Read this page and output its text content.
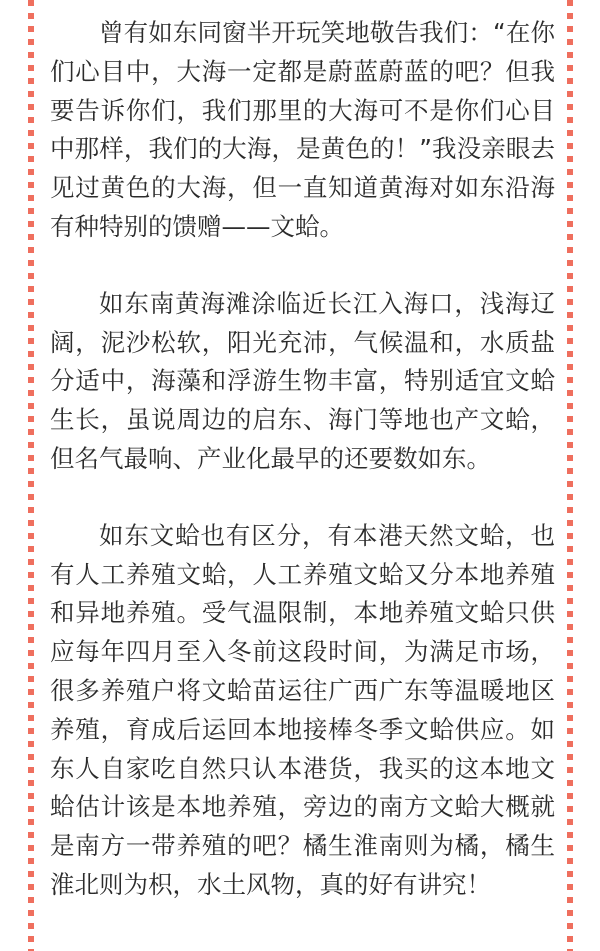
曾有如东同窗半开玩笑地敬告我们：“在你们心目中，大海一定都是蔚蓝蔚蓝的吧？但我要告诉你们，我们那里的大海可不是你们心目中那样，我们的大海，是黄色的！”我没亲眼去见过黄色的大海，但一直知道黄海对如东沿海有种特别的馈赠——文蛤。

如东南黄海滩涂临近长江入海口，浅海辽阔，泥沙松软，阳光充沛，气候温和，水质盐分适中，海藻和浮游生物丰富，特别适宜文蛤生长，虽说周边的启东、海门等地也产文蛤，但名气最响、产业化最早的还要数如东。

如东文蛤也有区分，有本港天然文蛤，也有人工养殖文蛤，人工养殖文蛤又分本地养殖和异地养殖。受气温限制，本地养殖文蛤只供应每年四月至入冬前这段时间，为满足市场，很多养殖户将文蛤苗运往广西广东等温暖地区养殖，育成后运回本地接棒冬季文蛤供应。如东人自家吃自然只认本港货，我买的这本地文蛤估计该是本地养殖，旁边的南方文蛤大概就是南方一带养殖的吧？橘生淮南则为橘，橘生淮北则为枳，水土风物，真的好有讲究！
